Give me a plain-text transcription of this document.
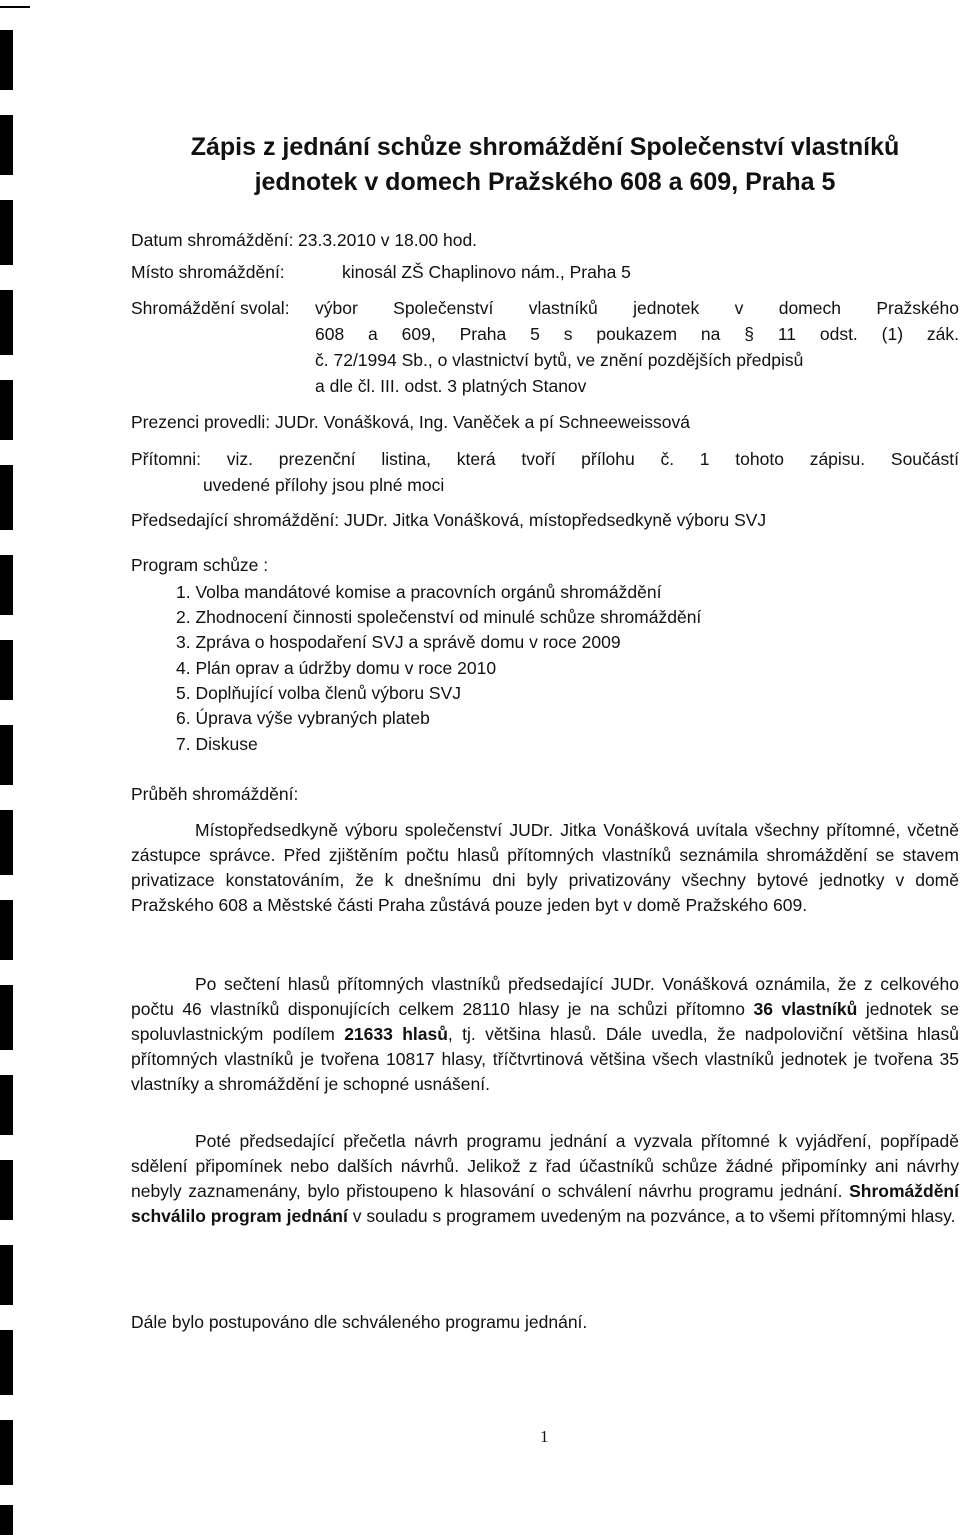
Zápis z jednání schůze shromáždění Společenství vlastníků
jednotek v domech Pražského 608 a 609, Praha 5
Datum shromáždění: 23.3.2010 v 18.00 hod.
Místo shromáždění:	kinosál ZŠ Chaplinovo nám., Praha 5
Shromáždění svolal: výbor Společenství vlastníků jednotek v domech Pražského
608 a 609, Praha 5 s poukazem na § 11 odst. (1) zák.
č. 72/1994 Sb., o vlastnictví bytů, ve znění pozdějších předpisů
a dle čl. III. odst. 3 platných Stanov
Prezenci provedli: JUDr. Vonášková, Ing. Vaněček a pí Schneeweissová
Přítomni: viz. prezenční listina, která tvoří přílohu č. 1 tohoto zápisu. Součástí
uvedené přílohy jsou plné moci
Předsedající shromáždění: JUDr. Jitka Vonášková, místopředsedkyně výboru SVJ
Program schůze :
1. Volba mandátové komise a pracovních orgánů shromáždění
2. Zhodnocení činnosti společenství od minulé schůze shromáždění
3. Zpráva o hospodaření SVJ a správě domu v roce 2009
4. Plán oprav a údržby domu v roce 2010
5. Doplňující volba členů výboru SVJ
6. Úprava výše vybraných plateb
7. Diskuse
Průběh shromáždění:
Místopředsedkyně výboru společenství JUDr. Jitka Vonášková uvítala všechny přítomné, včetně zástupce správce. Před zjištěním počtu hlasů přítomných vlastníků seznámila shromáždění se stavem privatizace konstatováním, že k dnešnímu dni byly privatizovány všechny bytové jednotky v domě Pražského 608 a Městské části Praha zůstává pouze jeden byt v domě Pražského 609.
Po sečtení hlasů přítomných vlastníků předsedající JUDr. Vonášková oznámila, že z celkového počtu 46 vlastníků disponujících celkem 28110 hlasy je na schůzi přítomno 36 vlastníků jednotek se spoluvlastnickým podílem 21633 hlasů, tj. většina hlasů. Dále uvedla, že nadpoloviční většina hlasů přítomných vlastníků je tvořena 10817 hlasy, tříčtvrtinová většina všech vlastníků jednotek je tvořena 35 vlastníky a shromáždění je schopné usnášení.
Poté předsedající přečetla návrh programu jednání a vyzvala přítomné k vyjádření, popřípadě sdělení připomínek nebo dalších návrhů. Jelikož z řad účastníků schůze žádné připomínky ani návrhy nebyly zaznamenány, bylo přistoupeno k hlasování o schválení návrhu programu jednání. Shromáždění schválilo program jednání v souladu s programem uvedeným na pozvánce, a to všemi přítomnými hlasy.
Dále bylo postupováno dle schváleného programu jednání.
1
